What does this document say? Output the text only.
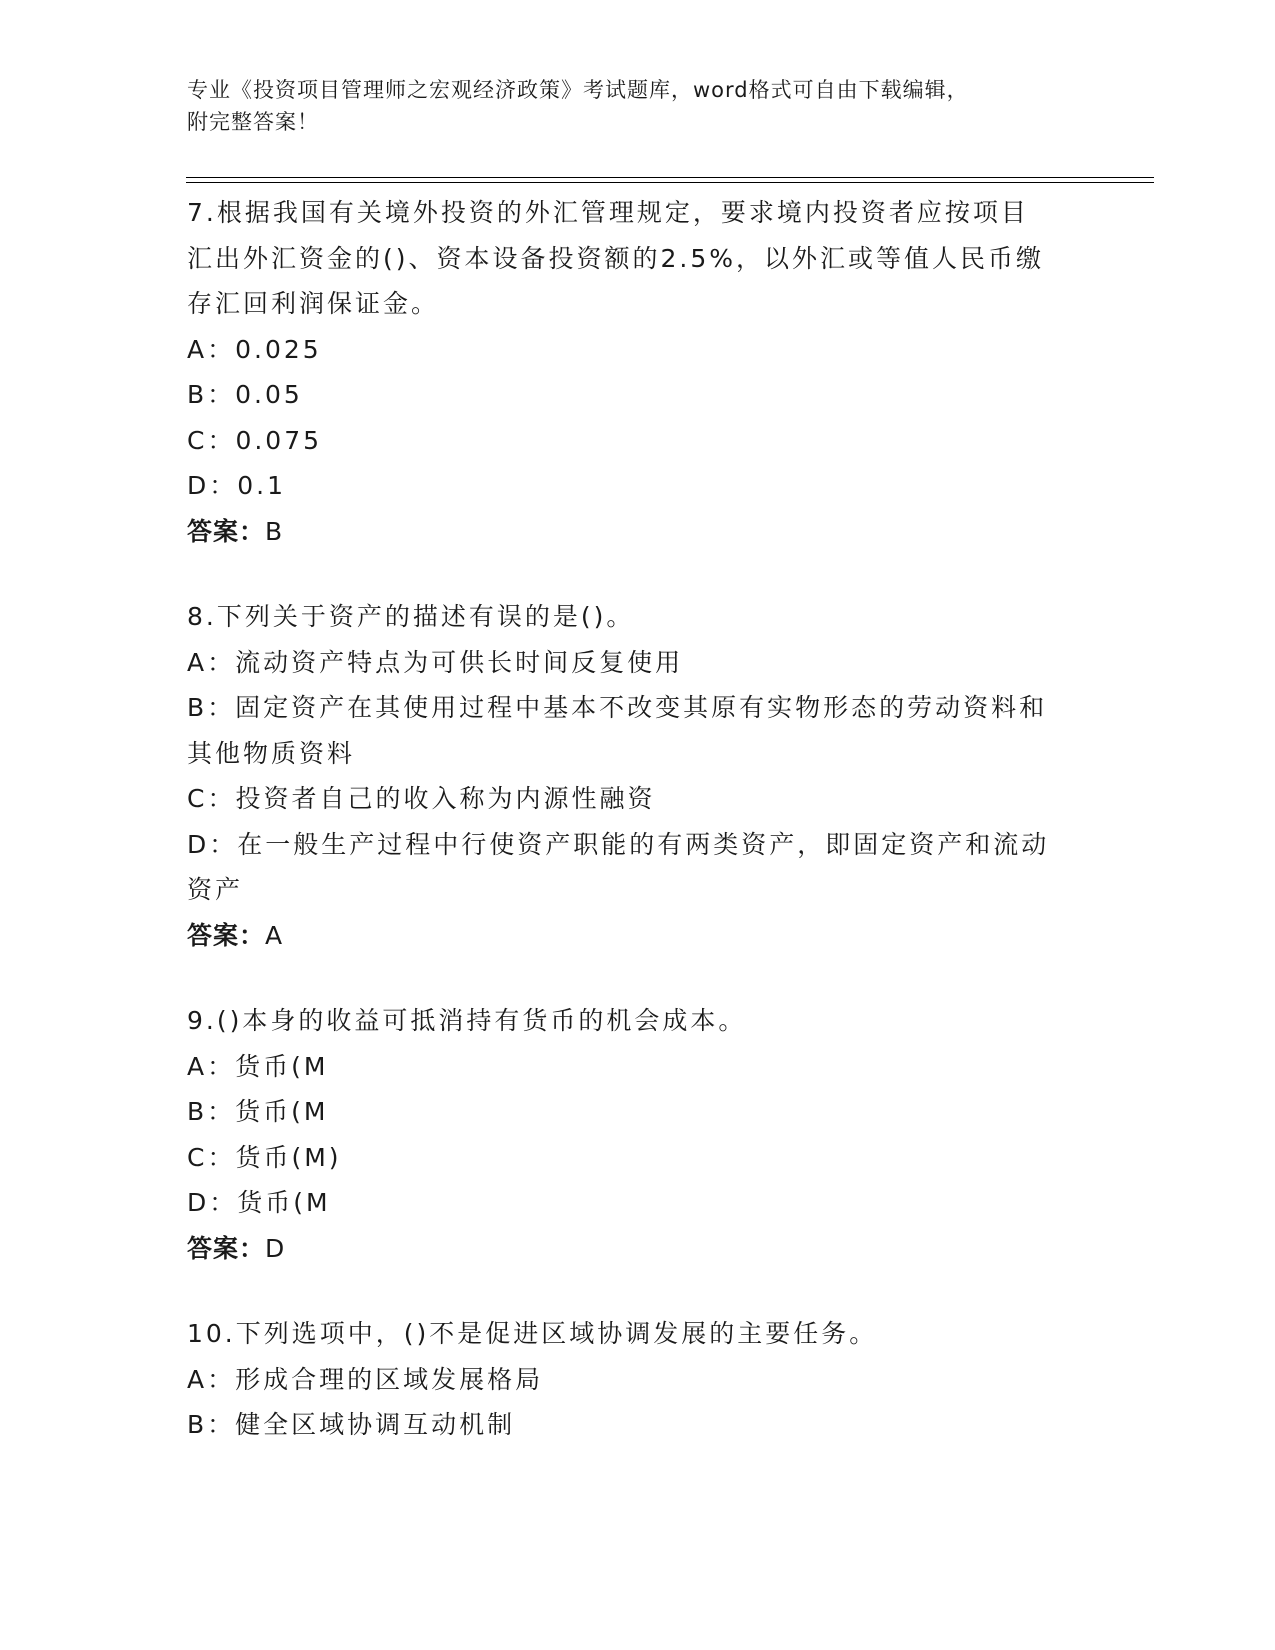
专业《投资项目管理师之宏观经济政策》考试题库，word格式可自由下载编辑，
附完整答案！

7.根据我国有关境外投资的外汇管理规定，要求境内投资者应按项目

汇出外汇资金的()、资本设备投资额的2.5%，以外汇或等值人民币缴

存汇回利润保证金。

A：0.025

B：0.05

C：0.075

D：0.1

答案：B

8.下列关于资产的描述有误的是()。

A：流动资产特点为可供长时间反复使用

B：固定资产在其使用过程中基本不改变其原有实物形态的劳动资料和

其他物质资料

C：投资者自己的收入称为内源性融资

D：在一般生产过程中行使资产职能的有两类资产，即固定资产和流动

资产

答案：A

9.()本身的收益可抵消持有货币的机会成本。

A：货币(M

B：货币(M

C：货币(M)

D：货币(M

答案：D

10.下列选项中，()不是促进区域协调发展的主要任务。

A：形成合理的区域发展格局

B：健全区域协调互动机制
